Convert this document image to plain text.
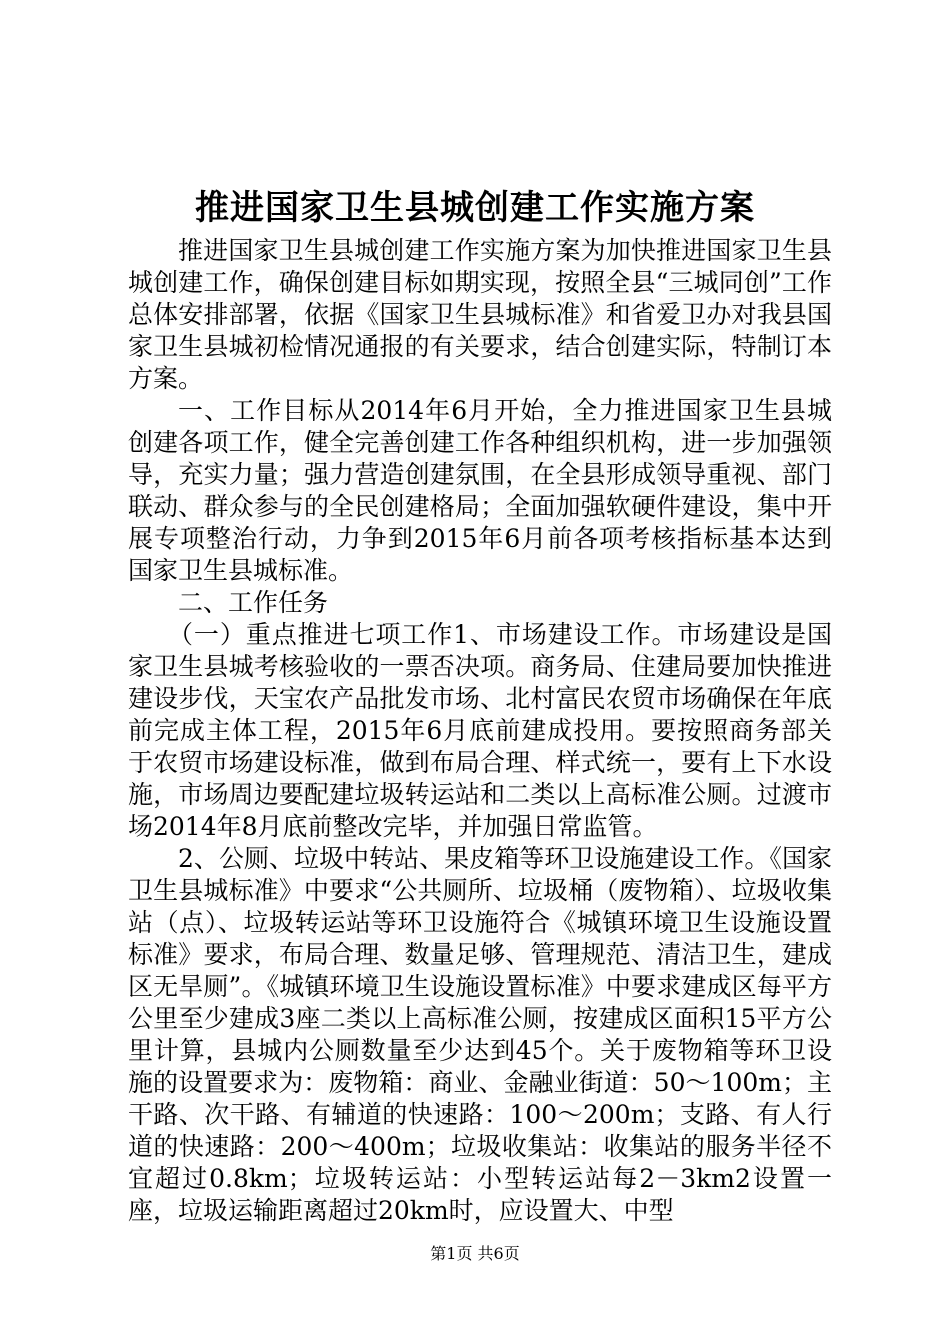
推进国家卫生县城创建工作实施方案

推进国家卫生县城创建工作实施方案为加快推进国家卫生县城创建工作，确保创建目标如期实现，按照全县“三城同创”工作总体安排部署，依据《国家卫生县城标准》和省爱卫办对我县国家卫生县城初检情况通报的有关要求，结合创建实际，特制订本方案。

一、工作目标从2014年6月开始，全力推进国家卫生县城创建各项工作，健全完善创建工作各种组织机构，进一步加强领导，充实力量；强力营造创建氛围，在全县形成领导重视、部门联动、群众参与的全民创建格局；全面加强软硬件建设，集中开展专项整治行动，力争到2015年6月前各项考核指标基本达到国家卫生县城标准。

二、工作任务

（一）重点推进七项工作1、市场建设工作。市场建设是国家卫生县城考核验收的一票否决项。商务局、住建局要加快推进建设步伐，天宝农产品批发市场、北村富民农贸市场确保在年底前完成主体工程，2015年6月底前建成投用。要按照商务部关于农贸市场建设标准，做到布局合理、样式统一，要有上下水设施，市场周边要配建垃圾转运站和二类以上高标准公厕。过渡市场2014年8月底前整改完毕，并加强日常监管。

2、公厕、垃圾中转站、果皮箱等环卫设施建设工作。《国家卫生县城标准》中要求“公共厕所、垃圾桶（废物箱）、垃圾收集站（点）、垃圾转运站等环卫设施符合《城镇环境卫生设施设置标准》要求，布局合理、数量足够、管理规范、清洁卫生，建成区无旱厕”。《城镇环境卫生设施设置标准》中要求建成区每平方公里至少建成3座二类以上高标准公厕，按建成区面积15平方公里计算，县城内公厕数量至少达到45个。关于废物箱等环卫设施的设置要求为：废物箱：商业、金融业街道：50～100m；主干路、次干路、有辅道的快速路：100～200m；支路、有人行道的快速路：200～400m；垃圾收集站：收集站的服务半径不宜超过0.8km；垃圾转运站：小型转运站每2－3km2设置一座，垃圾运输距离超过20km时，应设置大、中型

第1页 共6页
